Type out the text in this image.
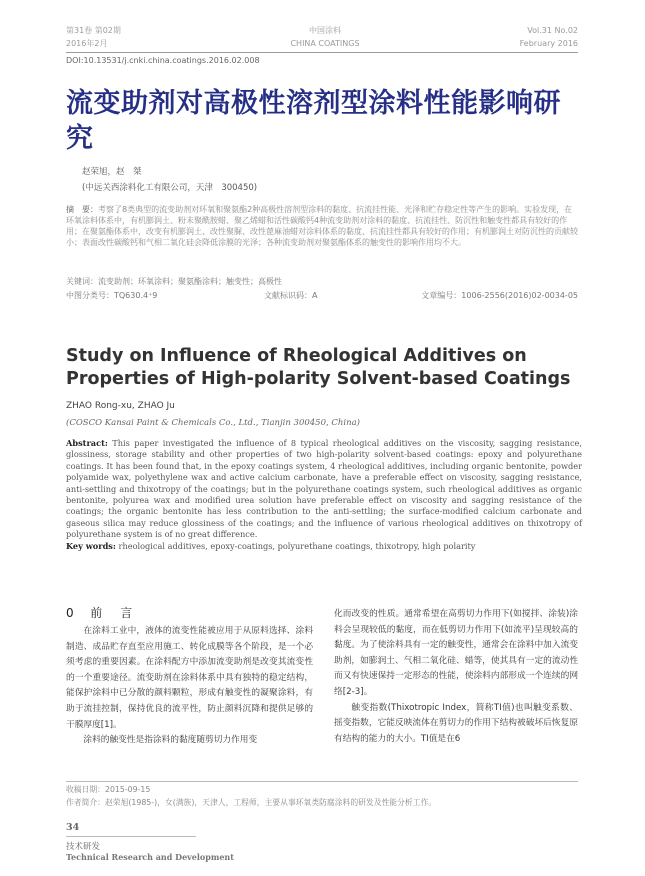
第31卷 第02期
2016年2月
中国涂料
CHINA COATINGS
Vol.31 No.02
February 2016
DOI:10.13531/j.cnki.china.coatings.2016.02.008
流变助剂对高极性溶剂型涂料性能影响研究
赵荣旭，赵　桀
(中远关西涂料化工有限公司，天津　300450)
摘　要：考察了8类典型的流变助剂对环氧和聚氨酯2种高极性溶剂型涂料的黏度、抗流挂性能、光泽和贮存稳定性等产生的影响。实验发现，在环氧涂料体系中，有机膨润土、粉末聚酰胺蜡、聚乙烯蜡和活性碳酸钙4种流变助剂对涂料的黏度、抗流挂性、防沉性和触变性都具有较好的作用；在聚氨酯体系中，改变有机膨润土、改性聚脲、改性蓖麻油蜡对涂料体系的黏度、抗流挂性都具有较好的作用；有机膨润土对防沉性的贡献较小；表面改性碳酸钙和气相二氧化硅会降低涂膜的光泽；各种流变助剂对聚氨酯体系的触变性的影响作用均不大。
关键词：流变助剂；环氧涂料；聚氨酯涂料；触变性；高极性
中图分类号：TQ630.4⁺9	文献标识码：A	文章编号：1006-2556(2016)02-0034-05
Study on Influence of Rheological Additives on Properties of High-polarity Solvent-based Coatings
ZHAO Rong-xu, ZHAO Ju
(COSCO Kansai Paint & Chemicals Co., Ltd., Tianjin 300450, China)
Abstract: This paper investigated the influence of 8 typical rheological additives on the viscosity, sagging resistance, glossiness, storage stability and other properties of two high-polarity solvent-based coatings: epoxy and polyurethane coatings. It has been found that, in the epoxy coatings system, 4 rheological additives, including organic bentonite, powder polyamide wax, polyethylene wax and active calcium carbonate, have a preferable effect on viscosity, sagging resistance, anti-settling and thixotropy of the coatings; but in the polyurethane coatings system, such rheological additives as organic bentonite, polyurea wax and modified urea solution have preferable effect on viscosity and sagging resistance of the coatings; the organic bentonite has less contribution to the anti-settling; the surface-modified calcium carbonate and gaseous silica may reduce glossiness of the coatings; and the influence of various rheological additives on thixotropy of polyurethane system is of no great difference.
Key words: rheological additives, epoxy-coatings, polyurethane coatings, thixotropy, high polarity
0 前　言

在涂料工业中，液体的流变性能被应用于从原料选择、涂料制造、成品贮存直至应用施工、转化成膜等各个阶段，是一个必须考虑的重要因素。在涂料配方中添加流变助剂是改变其流变性的一个重要途径。流变助剂在涂料体系中具有独特的稳定结构，能保护涂料中已分散的颜料颗粒，形成有触变性的凝聚涂料，有助于流挂控制，保持优良的流平性，防止颜料沉降和提供足够的干膜厚度[1]。

涂料的触变性是指涂料的黏度随剪切力作用变

化而改变的性质。通常希望在高剪切力作用下(如搅拌、涂装)涂料会呈现较低的黏度，而在低剪切力作用下(如流平)呈现较高的黏度。为了使涂料具有一定的触变性，通常会在涂料中加入流变助剂，如膨润土、气相二氧化硅、蜡等，使其具有一定的流动性而又有快速保持一定形态的性能，使涂料内部形成一个连续的网络[2-3]。

触变指数(Thixotropic Index，简称TI值)也叫触变系数、摇变指数，它能反映流体在剪切力的作用下结构被破坏后恢复原有结构的能力的大小。TI值是在6

收稿日期：2015-09-15
作者简介：赵荣旭(1985-)，女(满族)，天津人，工程师，主要从事环氧类防腐涂料的研发及性能分析工作。
34
技术研发
Technical Research and Development
